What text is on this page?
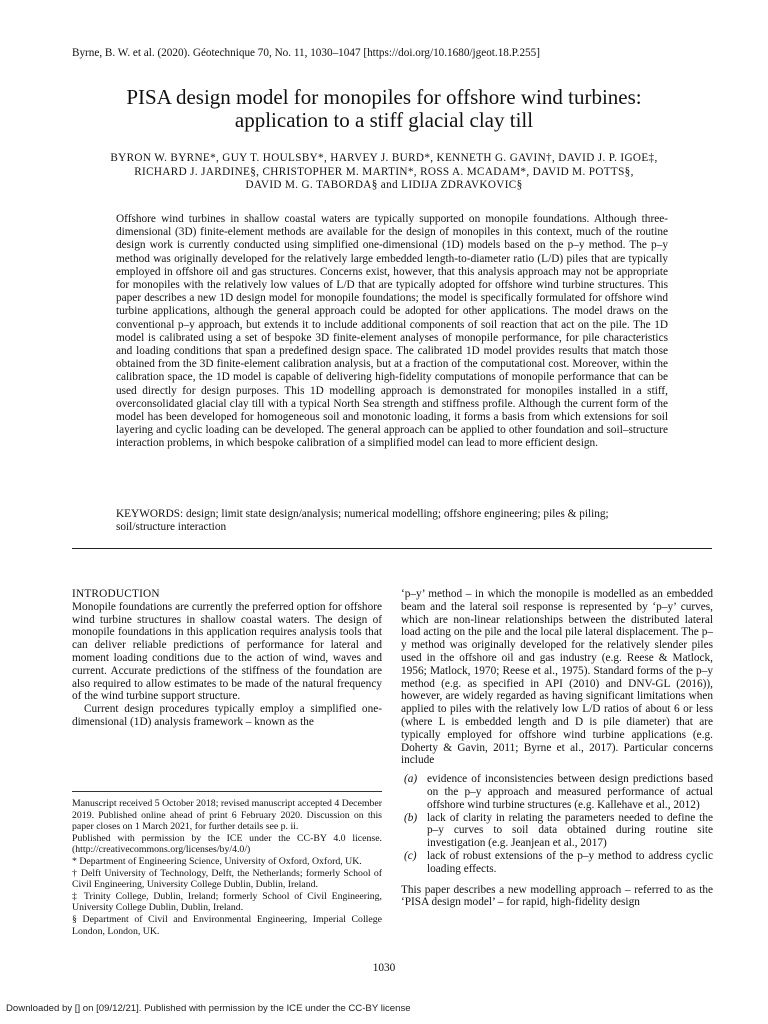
Byrne, B. W. et al. (2020). Géotechnique 70, No. 11, 1030–1047 [https://doi.org/10.1680/jgeot.18.P.255]
PISA design model for monopiles for offshore wind turbines:
application to a stiff glacial clay till
BYRON W. BYRNE*, GUY T. HOULSBY*, HARVEY J. BURD*, KENNETH G. GAVIN†, DAVID J. P. IGOE‡,
RICHARD J. JARDINE§, CHRISTOPHER M. MARTIN*, ROSS A. MCADAM*, DAVID M. POTTS§,
DAVID M. G. TABORDA§ and LIDIJA ZDRAVKOVIC§
Offshore wind turbines in shallow coastal waters are typically supported on monopile foundations. Although three-dimensional (3D) finite-element methods are available for the design of monopiles in this context, much of the routine design work is currently conducted using simplified one-dimensional (1D) models based on the p–y method. The p–y method was originally developed for the relatively large embedded length-to-diameter ratio (L/D) piles that are typically employed in offshore oil and gas structures. Concerns exist, however, that this analysis approach may not be appropriate for monopiles with the relatively low values of L/D that are typically adopted for offshore wind turbine structures. This paper describes a new 1D design model for monopile foundations; the model is specifically formulated for offshore wind turbine applications, although the general approach could be adopted for other applications. The model draws on the conventional p–y approach, but extends it to include additional components of soil reaction that act on the pile. The 1D model is calibrated using a set of bespoke 3D finite-element analyses of monopile performance, for pile characteristics and loading conditions that span a predefined design space. The calibrated 1D model provides results that match those obtained from the 3D finite-element calibration analysis, but at a fraction of the computational cost. Moreover, within the calibration space, the 1D model is capable of delivering high-fidelity computations of monopile performance that can be used directly for design purposes. This 1D modelling approach is demonstrated for monopiles installed in a stiff, overconsolidated glacial clay till with a typical North Sea strength and stiffness profile. Although the current form of the model has been developed for homogeneous soil and monotonic loading, it forms a basis from which extensions for soil layering and cyclic loading can be developed. The general approach can be applied to other foundation and soil–structure interaction problems, in which bespoke calibration of a simplified model can lead to more efficient design.
KEYWORDS: design; limit state design/analysis; numerical modelling; offshore engineering; piles & piling; soil/structure interaction
INTRODUCTION

Monopile foundations are currently the preferred option for offshore wind turbine structures in shallow coastal waters. The design of monopile foundations in this application requires analysis tools that can deliver reliable predictions of performance for lateral and moment loading conditions due to the action of wind, waves and current. Accurate predictions of the stiffness of the foundation are also required to allow estimates to be made of the natural frequency of the wind turbine support structure.

Current design procedures typically employ a simplified one-dimensional (1D) analysis framework – known as the

Manuscript received 5 October 2018; revised manuscript accepted 4 December 2019. Published online ahead of print 6 February 2020. Discussion on this paper closes on 1 March 2021, for further details see p. ii.
Published with permission by the ICE under the CC-BY 4.0 license. (http://creativecommons.org/licenses/by/4.0/)
* Department of Engineering Science, University of Oxford, Oxford, UK.
† Delft University of Technology, Delft, the Netherlands; formerly School of Civil Engineering, University College Dublin, Dublin, Ireland.
‡ Trinity College, Dublin, Ireland; formerly School of Civil Engineering, University College Dublin, Dublin, Ireland.
§ Department of Civil and Environmental Engineering, Imperial College London, London, UK.

‘p–y’ method – in which the monopile is modelled as an embedded beam and the lateral soil response is represented by ‘p–y’ curves, which are non-linear relationships between the distributed lateral load acting on the pile and the local pile lateral displacement. The p–y method was originally developed for the relatively slender piles used in the offshore oil and gas industry (e.g. Reese & Matlock, 1956; Matlock, 1970; Reese et al., 1975). Standard forms of the p–y method (e.g. as specified in API (2010) and DNV-GL (2016)), however, are widely regarded as having significant limitations when applied to piles with the relatively low L/D ratios of about 6 or less (where L is embedded length and D is pile diameter) that are typically employed for offshore wind turbine applications (e.g. Doherty & Gavin, 2011; Byrne et al., 2017). Particular concerns include

(a) evidence of inconsistencies between design predictions based on the p–y approach and measured performance of actual offshore wind turbine structures (e.g. Kallehave et al., 2012)
(b) lack of clarity in relating the parameters needed to define the p–y curves to soil data obtained during routine site investigation (e.g. Jeanjean et al., 2017)
(c) lack of robust extensions of the p–y method to address cyclic loading effects.

This paper describes a new modelling approach – referred to as the ‘PISA design model’ – for rapid, high-fidelity design

1030
Downloaded by [] on [09/12/21]. Published with permission by the ICE under the CC-BY license
